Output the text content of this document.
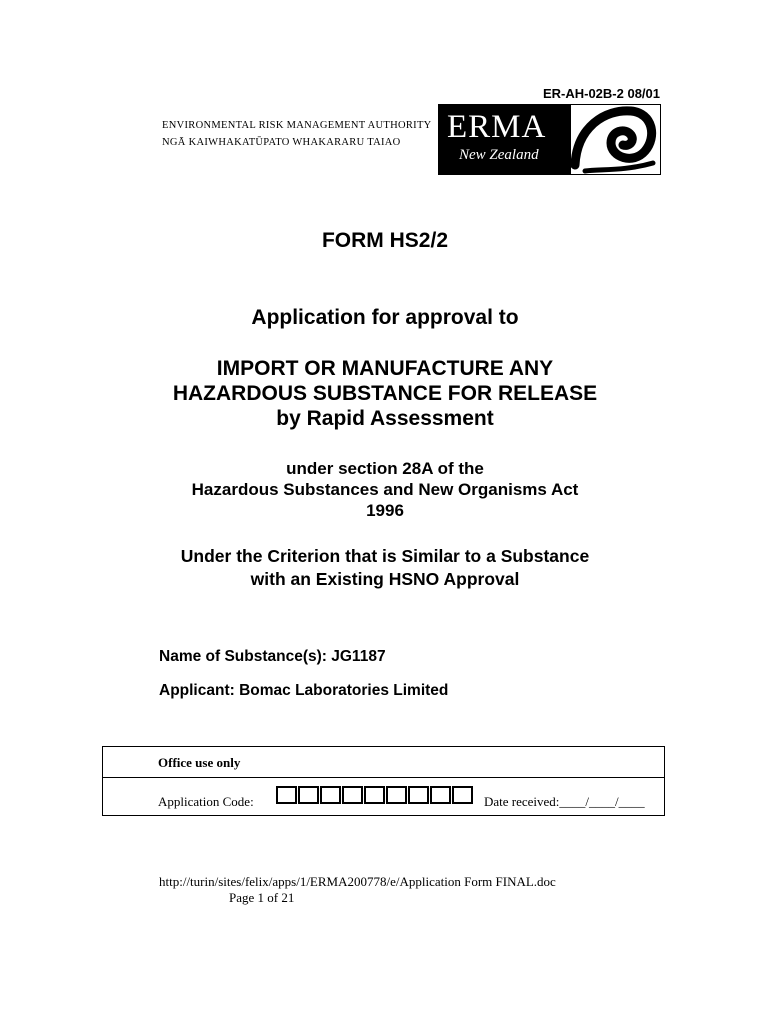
ER-AH-02B-2 08/01
ENVIRONMENTAL RISK MANAGEMENT AUTHORITY
NGĀ KAIWHAKATŪPATO WHAKARARU TAIAO	ERMA
New Zealand
FORM HS2/2
Application for approval to
IMPORT OR MANUFACTURE ANY
HAZARDOUS SUBSTANCE FOR RELEASE
by Rapid Assessment
under section 28A of the
Hazardous Substances and New Organisms Act
1996
Under the Criterion that is Similar to a Substance
with an Existing HSNO Approval
Name of Substance(s): JG1187
Applicant: Bomac Laboratories Limited
Office use only
Application Code:	Date received:____/____/____
http://turin/sites/felix/apps/1/ERMA200778/e/Application Form FINAL.doc
Page 1 of 21
